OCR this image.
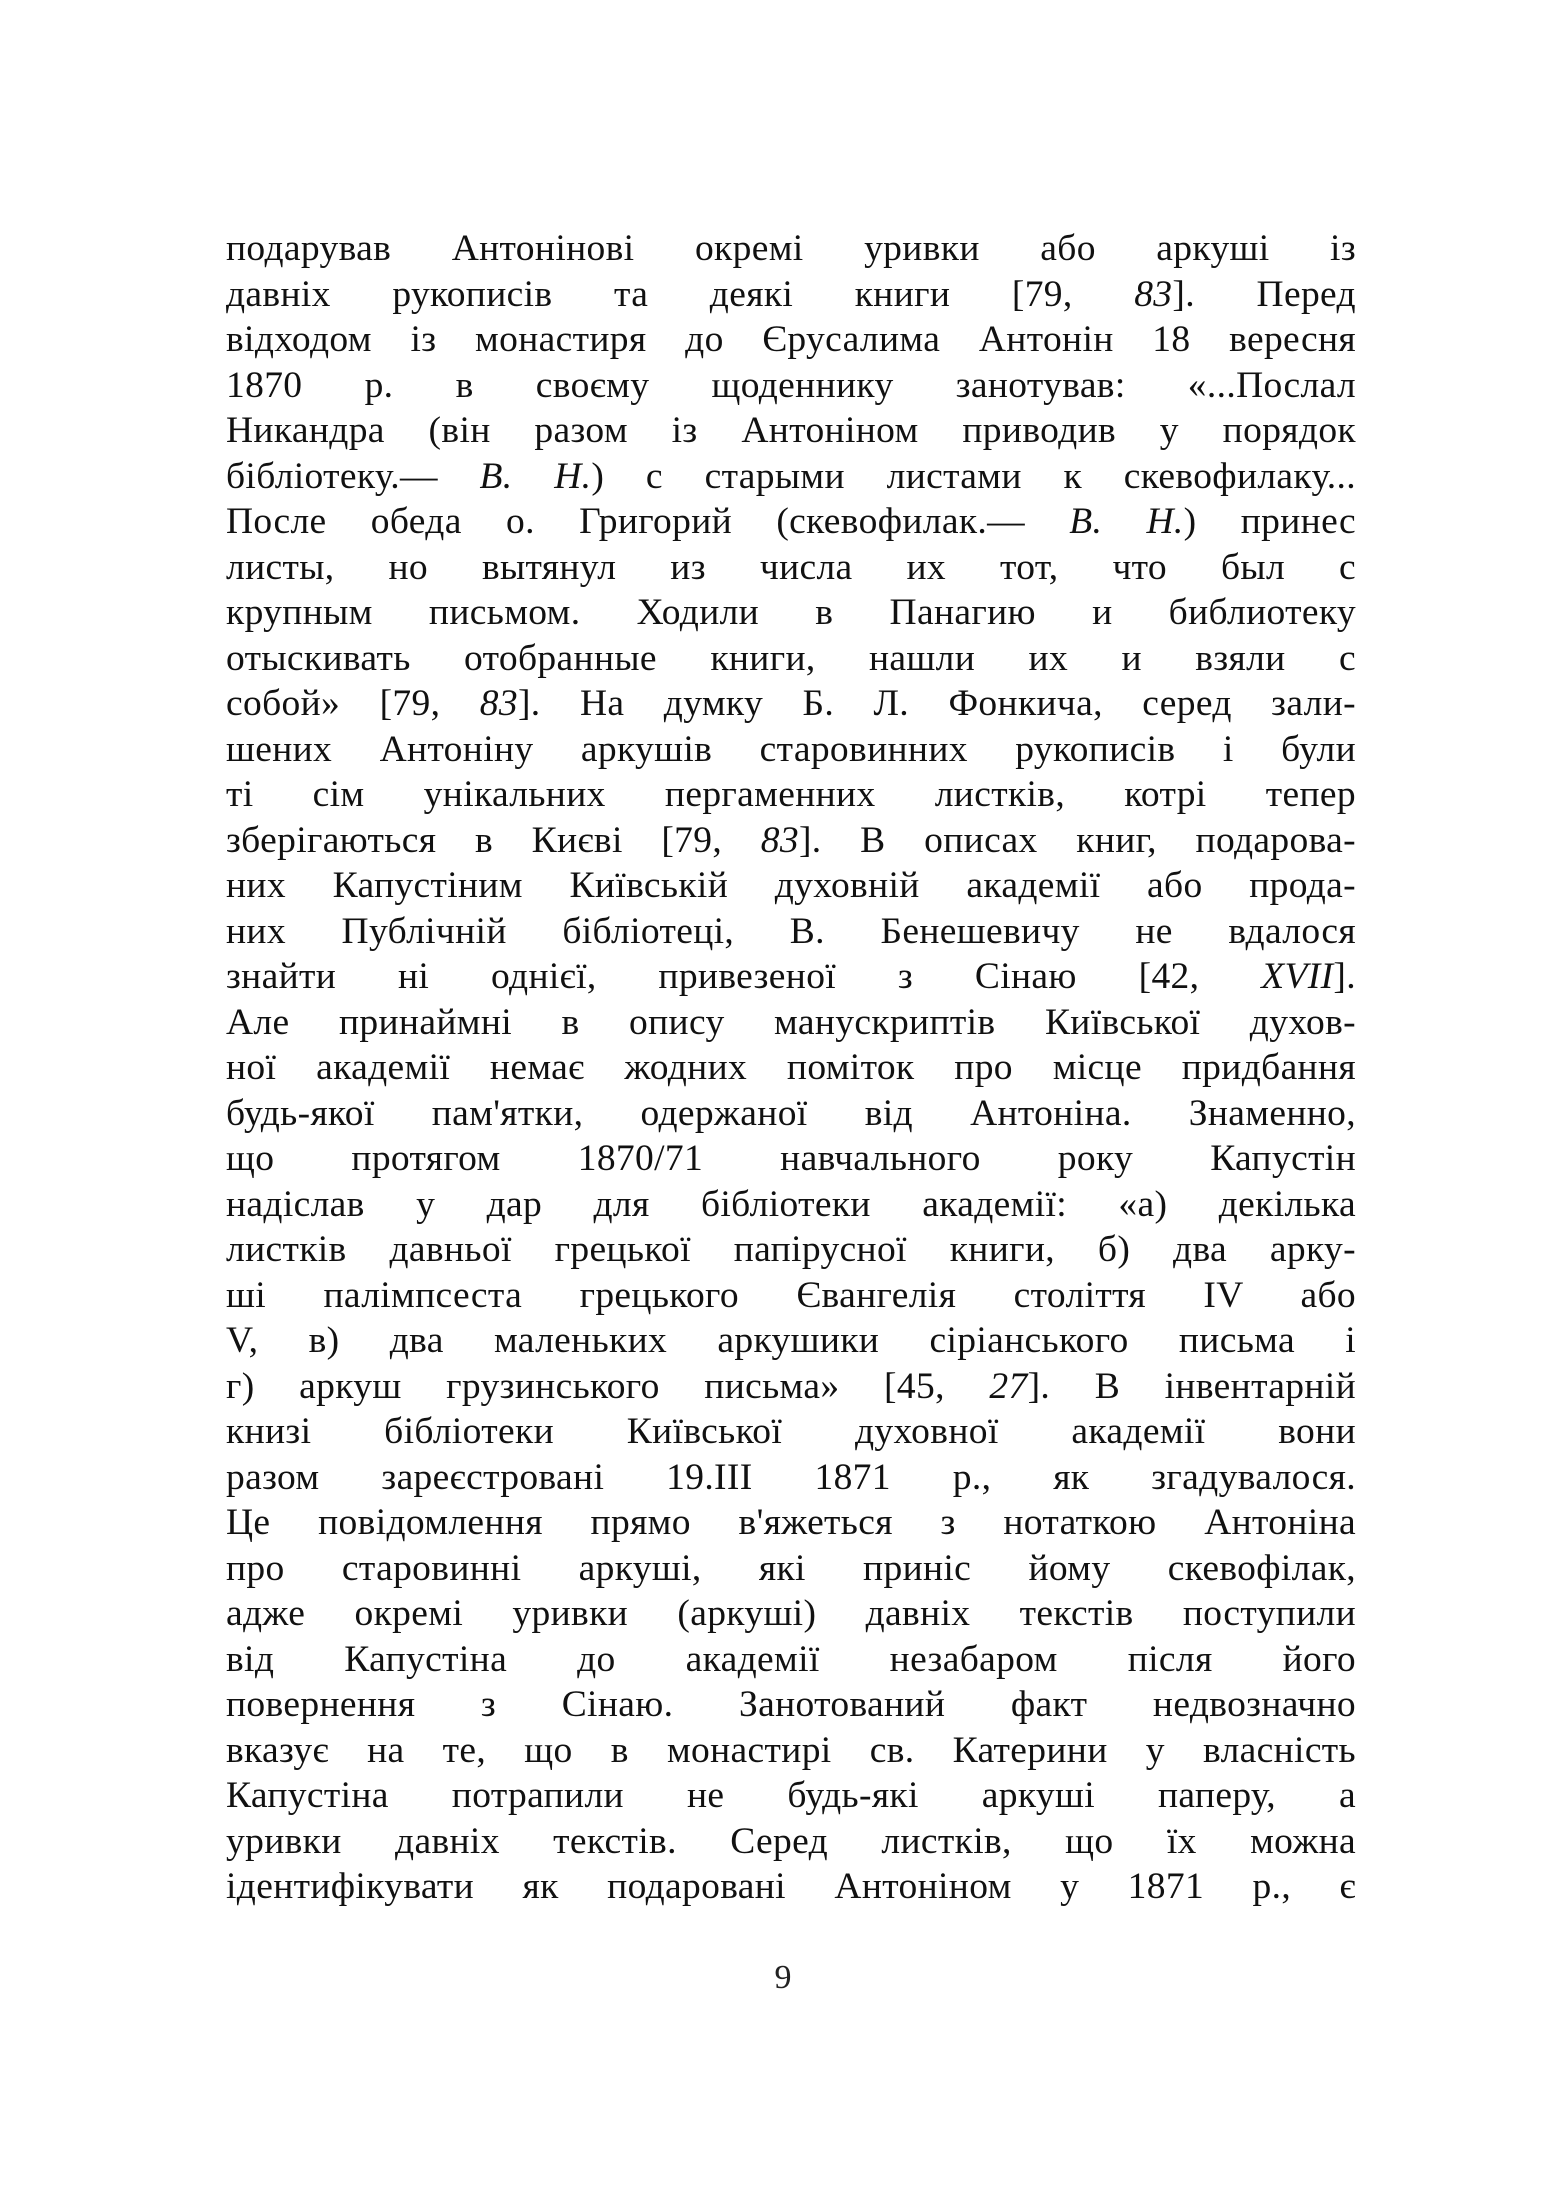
подарував Антонінові окремі уривки або аркуші із
давніх рукописів та деякі книги [79, 83]. Перед
відходом із монастиря до Єрусалима Антонін 18 вересня
1870 р. в своєму щоденнику занотував: «...Послал
Никандра (він разом із Антоніном приводив у порядок
бібліотеку.— В. Н.) с старыми листами к скевофилаку...
После обеда о. Григорий (скевофилак.— В. Н.) принес
листы, но вытянул из числа их тот, что был с
крупным письмом. Ходили в Панагию и библиотеку
отыскивать отобранные книги, нашли их и взяли с
собой» [79, 83]. На думку Б. Л. Фонкича, серед зали-
шених Антоніну аркушів старовинних рукописів і були
ті сім унікальних пергаменних листків, котрі тепер
зберігаються в Києві [79, 83]. В описах книг, подарова-
них Капустіним Київській духовній академії або прода-
них Публічній бібліотеці, В. Бенешевичу не вдалося
знайти ні однієї, привезеної з Сінаю [42, XVII].
Але принаймні в опису манускриптів Київської духов-
ної академії немає жодних поміток про місце придбання
будь-якої пам'ятки, одержаної від Антоніна. Знаменно,
що протягом 1870/71 навчального року Капустін
надіслав у дар для бібліотеки академії: «а) декілька
листків давньої грецької папірусної книги, б) два арку-
ші палімпсеста грецького Євангелія століття IV або
V, в) два маленьких аркушики сіріанського письма і
г) аркуш грузинського письма» [45, 27]. В інвентарній
книзі бібліотеки Київської духовної академії вони
разом зареєстровані 19.III 1871 р., як згадувалося.
Це повідомлення прямо в'яжеться з нотаткою Антоніна
про старовинні аркуші, які приніс йому скевофілак,
адже окремі уривки (аркуші) давніх текстів поступили
від Капустіна до академії незабаром після його
повернення з Сінаю. Занотований факт недвозначно
вказує на те, що в монастирі св. Катерини у власність
Капустіна потрапили не будь-які аркуші паперу, а
уривки давніх текстів. Серед листків, що їх можна
ідентифікувати як подаровані Антоніном у 1871 р., є
9
